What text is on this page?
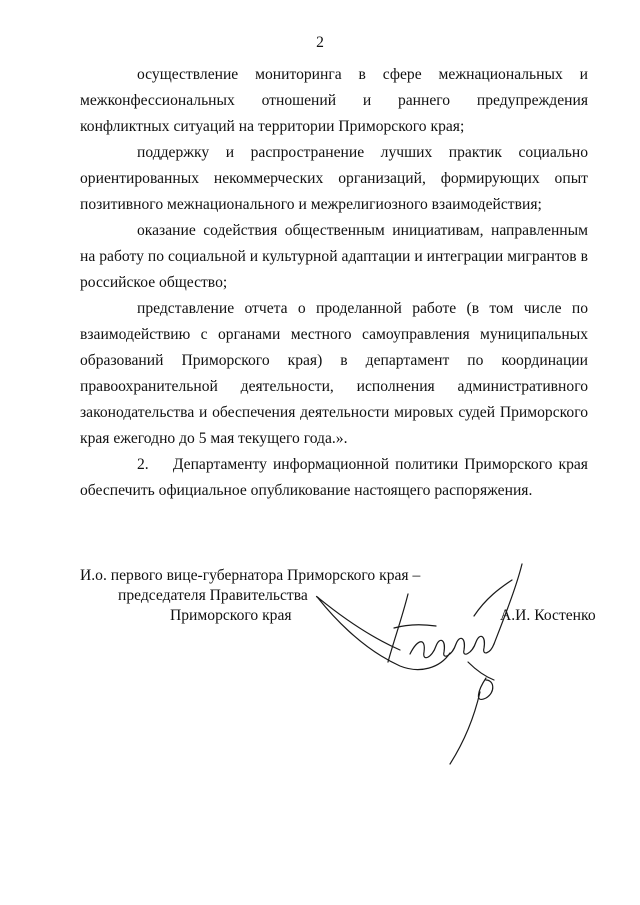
2

осуществление мониторинга в сфере межнациональных и межконфессиональных отношений и раннего предупреждения конфликтных ситуаций на территории Приморского края;

поддержку и распространение лучших практик социально ориентированных некоммерческих организаций, формирующих опыт позитивного межнационального и межрелигиозного взаимодействия;

оказание содействия общественным инициативам, направленным на работу по социальной и культурной адаптации и интеграции мигрантов в российское общество;

представление отчета о проделанной работе (в том числе по взаимодействию с органами местного самоуправления муниципальных образований Приморского края) в департамент по координации правоохранительной деятельности, исполнения административного законодательства и обеспечения деятельности мировых судей Приморского края ежегодно до 5 мая текущего года.».

2.    Департаменту информационной политики Приморского края обеспечить официальное опубликование настоящего распоряжения.

И.о. первого вице-губернатора Приморского края –
председателя Правительства
Приморского края	А.И. Костенко
